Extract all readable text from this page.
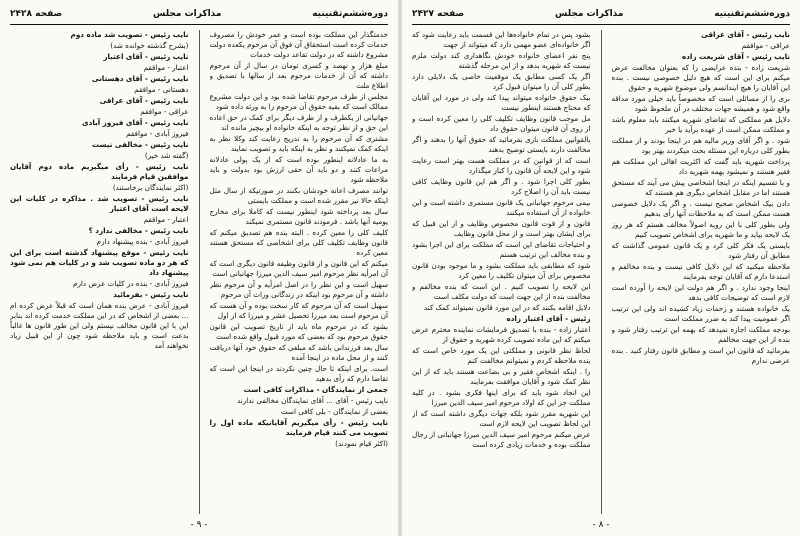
دوره‌ششم‌تقنینیه
مذاکرات مجلس
صفحه ۲۴۲۸

خدمتگذار این مملکت بوده است و عمر خودش را مصروف خدمات کرده است استحقاق آن فوق آن مرحوم یکعده دولت مشروع داشته که در دولت تقاعد دولت خدمات

مبلغ هزار و نهصد و کسری تومان در سال از آن مرحوم داشته که آن از خدمات مرحوم بعد از سالها با تصدیق و اطلاع ملت

مجلس از طرف مرحوم تقاضا شده بود و این دولت مشروع ممالک است که بقیه حقوق آن مرحوم را به ورثه داده شود

جهانیانی از یکطرف و از طرف دیگر برای کمک در حق اعاده این حق و از نظر توجه به اینکه خانواده او بیچیز مانده اند

مشتری که آن مرحوم را به تدریج رعایت کند وکلا نظر به اینکه کمک نمیکنند و نظر به اینکه باید و تصویب نمایند

به ما عادلانه اینطور بوده است که از یک پولی عادلانه مراعات کنند و دو باید آن حقی ارزش بود بدولت و باید ملاحظه شود

توانند مصرف اعانه خودشان بکنند در صورتیکه از سال مثل اینکه حالا نیز مقرر شده است و مملکت بایستی

سال بعد پرداخته شود اینطور نیست که کاملا برای مخارج یومیه آنها باشد . فرمودند قانون مستمری نمیکند

کلیف کلی را معین کرده . البته بنده هم تصدیق میکنم که قانون وظایف تکلیف کلی برای اشخاصی که مستحق هستند معین کرده

میکنم که این قانون و از قانون وظیفه قانون دیگری است که آن امرأیه نظر مرحوم امیر سیف الدین میرزا جهانبانی است

سهیل است و این نظر را در اصل امرأیه و آن مرحوم نظر داشته و آن مرحوم بود اینکه در زندگانی وراث آن مرحوم

سهیل است که آن مرحوم که کار سخت بوده و آن هست که آن مرحوم است بعد میرزا تحصیل عشر و میرزا که از اول

بشود که در مرحوم ماه باید از تاریخ تصویب این قانون حقوق مرحوم بود که بعضی که مورد قبول واقع شده است

سال بعد فرزندانی باشد که مبلغی که حقوق خود آنها دریافت کنند و از محل ماده در اینجا آمده

است. برای اینکه تا حال چنین نکردند در اینجا این است که تقاضا دارم که رأی بدهید

جمعی از نمایندگان - مذاکرات کافی است

نایب رئیس - آقای ... آقای نمایندگان مخالفی ندارند

بعضی از نمایندگان - بلی کافی است

نایب رئیس - رأی میگیریم آقایانیکه ماده اول را تصویب می کنند قیام فرمایند

(اکثر قیام نمودند)

نایب رئیس - تصویب شد ماده دوم

(بشرح گذشته خوانده شد)

نایب رئیس - آقای اعتبار

اعتبار - موافقم

نایب رئیس - آقای دهستانی

دهستانی - موافقم

نایب رئیس - آقای عراقی

عراقی - موافقم

نایب رئیس - آقای فیروز آبادی

فیروز آبادی - موافقم

نایب رئیس - مخالفی نیست

(گفته شد خیر)

نایب رئیس - رأی میگیریم ماده دوم آقایان موافقین قیام فرمایند

(اکثر نمایندگان برخاستند)

نایب رئیس - تصویب شد . مذاکره در کلیات این لایحه است آقای اعتبار

اعتبار - موافقم

نایب رئیس - مخالفی ندارد ؟

فیروز آبادی - بنده پیشنهاد دارم

نایب رئیس - موقع پیشنهاد گذشته است برای این که هر دو ماده تصویب شد و در کلیات هم نمی شود پیشنهاد داد

فیروز آبادی - بنده در کلیات عرض دارم

نایب رئیس - بفرمائید

فیروز آبادی - عرض بنده همان است که قبلاً عرض کرده ام ... بعضی از اشخاص که در این مملکت خدمت کرده اند بنابر این با این قانون مخالف نیستم ولی این طور قانون ها غالباً بدعت است و باید ملاحظه شود چون از این قبیل زیاد نخواهند آمد

- ۹ -
دوره‌ششم‌تقنینیه
مذاکرات مجلس
صفحه ۲۴۲۷

نایب رئیس - آقای عراقی

عراقی - موافقم

نایب رئیس - آقای شریعت زاده

شریعت زاده - بنده عرایضی را که بعنوان مخالفت عرض میکنم برای این است که هیچ دلیل خصوصی نیست . بنده این آقایان را هیچ ایندانسم ولی موضوع شهریه و حقوق

بری را از مسائلی است که مخصوصاً باید خیلی مورد مداقه واقع شود و همیشه جهات مختلف در آن ملحوظ شود

دلایل هم مملکتی که تقاضای شهریه میکنند باید معلوم باشد و مملکت ممکن است از عهده برآید یا خیر

شود . و اگر آقای وزیر مالیه هم در اینجا بودند و از مملکت بطور کلی درباره این مسئله بحث میکردند بهتر بود

پرداخت شهریه باید گفت که اکثریت اهالی این مملکت هم فقیر هستند و نمیشود بهمه شهریه داد

و با تقسیم اینکه در اینجا اشخاصی پیش می آیند که مستحق هستند اما در مقابل اشخاص دیگری هم هستند که

دادن بیک اشخاص صحیح نیست . و اگر یک دلایل خصوصی هست ممکن است که به ملاحظات آنها رأی بدهیم

ولی بطور کلی با این رویه اصولاً مخالف هستم که هر روز یک لایحه بیاید و ما شهریه برای اشخاص تصویب کنیم

بایستی یک فکر کلی کرد و یک قانون عمومی گذاشت که مطابق آن رفتار شود

ملاحظه میکنید که این دلایل کافی نیست و بنده مخالفم و استدعا دارم که آقایان توجه بفرمایند

اینجا وجود ندارد . و اگر هم دولت این لایحه را آورده است لازم است که توضیحات کافی بدهد

یک خانواده هستند و زحمات زیاد کشیده اند ولی این ترتیب اگر عمومیت پیدا کند به ضرر مملکت است

بودجه مملکت اجازه نمیدهد که بهمه این ترتیب رفتار شود و بنده از این جهت مخالفم

بفرمائید که قانون این است و مطابق قانون رفتار کنید . بنده عرضی ندارم

بشود پس در تمام خانواده‌ها این قسمت باید رعایت شود که اگر خانواده‌ای عضو مهمی دارد که میتواند از جهت

پنج نفر اعضای خانواده خودش نگاهداری کند دولت ملزم نیست که شهریه بدهد و از این مرحله گذشته

اگر یک کسی مطابق یک موقعیت خاصی یک دلایلی دارد بطور کلی آن را میتوان قبول کرد

بیک حقوق خانواده میتواند پیدا کند ولی در مورد این آقایان که محتاج هستند اینطور نیست

مل موجب قانون وظایف تکلیف کلی را معین کرده است و از روی آن قانون میتوان حقوق داد

بالقوانین مملکت بازی بفرمائید که حقوق آنها را بدهند و اگر مخالفت دارند بایستی توضیح بدهند

است که از قوانین که در مملکت هست بهتر است رعایت شود و این لایحه آن قانون را کنار میگذارد

بطور کلی اجرا شود . و اگر هم این قانون وظایف کافی نیست باید آن را اصلاح کرد

بیمی مرحوم جهانبانی یک قانون مستمری داشته است و این خانواده از آن استفاده میکنند

قانون و از قوت قانون مخصوص وظایف و از این قبیل که برای ایشان بهتر است و از محل قانون وظایف

و احتیاجات تقاضای این است که مملکت برای این اجرا بشود و بنده مخالف این ترتیب هستم

شود که مطابقی باید مملکت بشود و ما موجود بودن قانون مخصوص برای آن میتوان تکلیف را معین کرد

این لایحه را تصویب کنیم . این است که بنده مخالفم و مخالفت بنده از این جهت است که دولت مکلف است

دلایل اقامه بکنند که در این مورد قانون نمیتواند کمک کند

رئیس - آقای اعتبار زاده

اعتبار زاده - بنده با تصدیق فرمایشات نماینده محترم عرض میکنم که این ماده تصویب کرده شهریه و حقوق از

لحاظ نظر قانونی و مملکتی این یک مورد خاص است که بنده ملاحظه کردم و نمیتوانم مخالفت کنم

را . اینکه اشخاص فقیر و بی بضاعت هستند باید که از این نظر کمک شود و آقایان موافقت بفرمایند

این انجاد شود باید که برای اینها فکری بشود . در کلیه مملکت جز این که اولاد مرحوم امیر سیف الدین میرزا

این شهریه مقرر شود بلکه جهات دیگری داشته است که از این لحاظ تصویب این لایحه لازم است

عرض میکنم مرحوم امیر سیف الدین میرزا جهانبانی از رجال مملکت بوده و خدمات زیادی کرده است

- ۸ -
